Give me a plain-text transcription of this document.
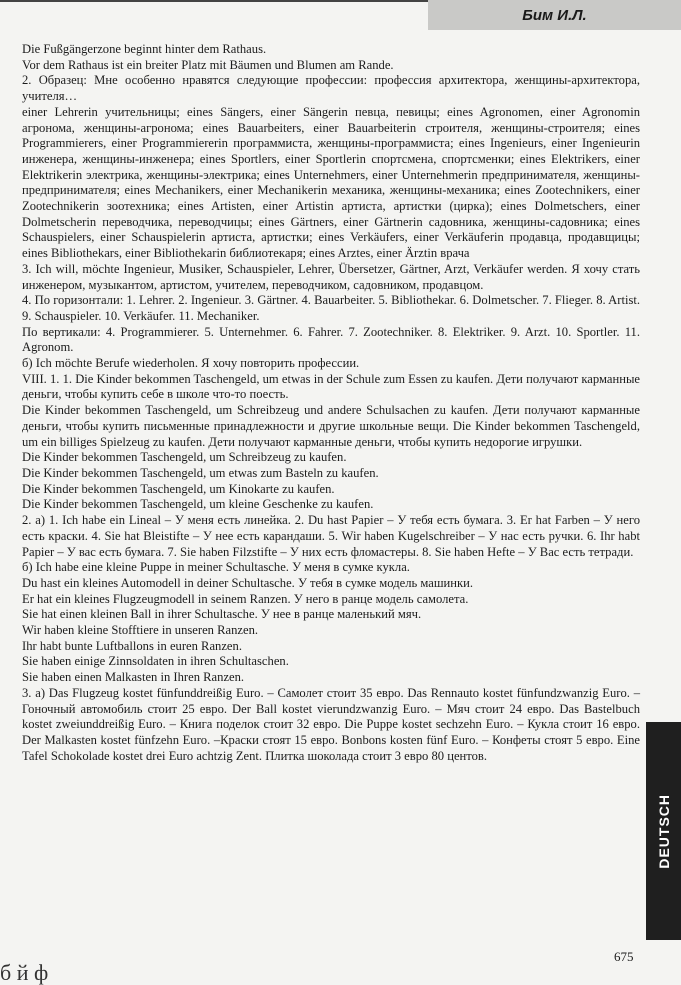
Бим И.Л.

Die Fußgängerzone beginnt hinter dem Rathaus.

Vor dem Rathaus ist ein breiter Platz mit Bäumen und Blumen am Rande.

2. Образец: Мне особенно нравятся следующие профессии: профессия архитектора, женщины-архитектора, учителя…

einer Lehrerin учительницы; eines Sängers, einer Sängerin певца, певицы; eines Agronomen, einer Agronomin агронома, женщины-агронома; eines Bauarbeiters, einer Bauarbeiterin строителя, женщины-строителя; eines Programmierers, einer Programmiererin программиста, женщины-программиста; eines Ingenieurs, einer Ingenieurin инженера, женщины-инженера; eines Sportlers, einer Sportlerin спортсмена, спортсменки; eines Elektrikers, einer Elektrikerin электрика, женщины-электрика; eines Unternehmers, einer Unternehmerin предпринимателя, женщины-предпринимателя; eines Mechanikers, einer Mechanikerin механика, женщины-механика; eines Zootechnikers, einer Zootechnikerin зоотехника; eines Artisten, einer Artistin артиста, артистки (цирка); eines Dolmetschers, einer Dolmetscherin переводчика, переводчицы; eines Gärtners, einer Gärtnerin садовника, женщины-садовника; eines Schauspielers, einer Schauspielerin артиста, артистки; eines Verkäufers, einer Verkäuferin продавца, продавщицы; eines Bibliothekars, einer Bibliothekarin библиотекаря; eines Arztes, einer Ärztin врача

3. Ich will, möchte Ingenieur, Musiker, Schauspieler, Lehrer, Übersetzer, Gärtner, Arzt, Verkäufer werden. Я хочу стать инженером, музыкантом, артистом, учителем, переводчиком, садовником, продавцом.

4. По горизонтали: 1. Lehrer. 2. Ingenieur. 3. Gärtner. 4. Bauarbeiter. 5. Bibliothekar. 6. Dolmetscher. 7. Flieger. 8. Artist. 9. Schauspieler. 10. Verkäufer. 11. Mechaniker.

По вертикали: 4. Programmierer. 5. Unternehmer. 6. Fahrer. 7. Zootechniker. 8. Elektriker. 9. Arzt. 10. Sportler. 11. Agronom.

б) Ich möchte Berufe wiederholen. Я хочу повторить профессии.

VIII. 1. 1. Die Kinder bekommen Taschengeld, um etwas in der Schule zum Essen zu kaufen. Дети получают карманные деньги, чтобы купить себе в школе что-то поесть.

Die Kinder bekommen Taschengeld, um Schreibzeug und andere Schulsachen zu kaufen. Дети получают карманные деньги, чтобы купить письменные принадлежности и другие школьные вещи. Die Kinder bekommen Taschengeld, um ein billiges Spielzeug zu kaufen. Дети получают карманные деньги, чтобы купить недорогие игрушки.

Die Kinder bekommen Taschengeld, um Schreibzeug zu kaufen.

Die Kinder bekommen Taschengeld, um etwas zum Basteln zu kaufen.

Die Kinder bekommen Taschengeld, um Kinokarte zu kaufen.

Die Kinder bekommen Taschengeld, um kleine Geschenke zu kaufen.

2. а) 1. Ich habe ein Lineal – У меня есть линейка. 2. Du hast Papier – У тебя есть бумага. 3. Er hat Farben – У него есть краски. 4. Sie hat Bleistifte – У нее есть карандаши. 5. Wir haben Kugelschreiber – У нас есть ручки. 6. Ihr habt Papier – У вас есть бумага. 7. Sie haben Filzstifte – У них есть фломастеры. 8. Sie haben Hefte – У Вас есть тетради.

б) Ich habe eine kleine Puppe in meiner Schultasche. У меня в сумке кукла.

Du hast ein kleines Automodell in deiner Schultasche. У тебя в сумке модель машинки.

Er hat ein kleines Flugzeugmodell in seinem Ranzen. У него в ранце модель самолета.

Sie hat einen kleinen Ball in ihrer Schultasche. У нее в ранце маленький мяч.

Wir haben kleine Stofftiere in unseren Ranzen.

Ihr habt bunte Luftballons in euren Ranzen.

Sie haben einige Zinnsoldaten in ihren Schultaschen.

Sie haben einen Malkasten in Ihren Ranzen.

3. а) Das Flugzeug kostet fünfunddreißig Euro. – Самолет стоит 35 евро. Das Rennauto kostet fünfundzwanzig Euro. – Гоночный автомобиль стоит 25 евро. Der Ball kostet vierundzwanzig Euro. – Мяч стоит 24 евро. Das Bastelbuch kostet zweiunddreißig Euro. – Книга поделок стоит 32 евро. Die Puppe kostet sechzehn Euro. – Кукла стоит 16 евро. Der Malkasten kostet fünfzehn Euro. –Краски стоят 15 евро. Bonbons kosten fünf Euro. – Конфеты стоят 5 евро. Eine Tafel Schokolade kostet drei Euro achtzig Zent. Плитка шоколада стоит 3 евро 80 центов.

DEUTSCH
675
б й ф
